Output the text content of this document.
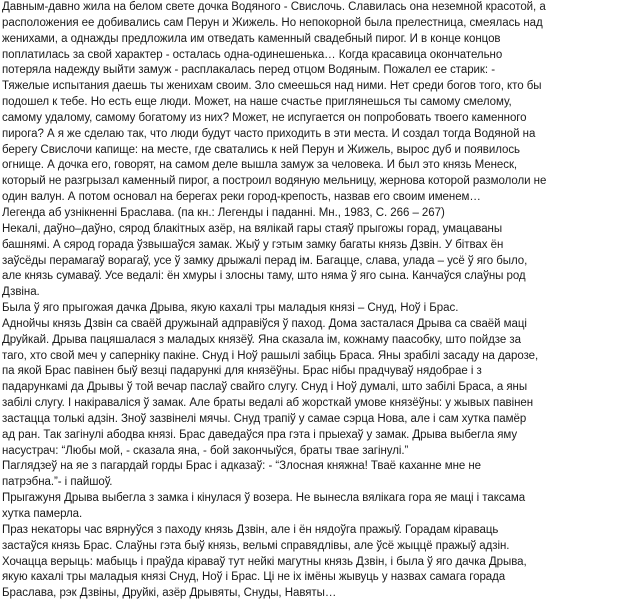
Давным-давно жила на белом свете дочка Водяного - Свислочь. Славилась она неземной красотой, а
расположения ее добивались сам Перун и Жижель. Но непокорной была прелестница, смеялась над
женихами, а однажды предложила им отведать каменный свадебный пирог. И в конце концов
поплатилась за свой характер - осталась одна-одинешенька… Когда красавица окончательно
потеряла надежду выйти замуж - расплакалась перед отцом Водяным. Пожалел ее старик: -
Тяжелые испытания даешь ты женихам своим. Зло смеешься над ними. Нет среди богов того, кто бы
подошел к тебе. Но есть еще люди. Может, на наше счастье приглянешься ты самому смелому,
самому удалому, самому богатому из них? Может, не испугается он попробовать твоего каменного
пирога? А я же сделаю так, что люди будут часто приходить в эти места. И создал тогда Водяной на
берегу Свислочи капище: на месте, где сватались к ней Перун и Жижель, вырос дуб и появилось
огнище. А дочка его, говорят, на самом деле вышла замуж за человека. И был это князь Менеск,
который не разгрызал каменный пирог, а построил водяную мельницу, жернова которой размололи не
один валун. А потом основал на берегах реки город-крепость, назвав его своим именем…
Легенда аб узнікненні Браслава. (па кн.: Легенды і паданні. Мн., 1983, С. 266 – 267)
Некалі, даўно–даўно, сярод блакітных азёр, на вялікай гары стаяў прыгожы горад, умацаваны
башнямі. А сярод горада ўзвышаўся замак. Жыў у гэтым замку багаты князь Дзвін. У бітвах ён
заўсёды перамагаў ворагаў, усе ў замку дрыжалі перад ім. Багацце, слава, улада – усё ў яго было,
але князь сумаваў. Усе ведалі: ён хмуры і злосны таму, што няма ў яго сына. Канчаўся слаўны род
Дзвіна.
Была ў яго прыгожая дачка Дрыва, якую кахалі тры маладыя князі – Снуд, Ноў і Брас.
Аднойчы князь Дзвін са сваёй дружынай адправіўся ў паход. Дома засталася Дрыва са сваёй маці
Друйкай. Дрыва пацяшалася з маладых князёў. Яна сказала ім, кожнаму паасобку, што пойдзе за
таго, хто свой меч у саперніку пакіне. Снуд і Ноў рашылі забіць Браса. Яны зрабілі засаду на дарозе,
па якой Брас павінен быў везці падарункі для князёўны. Брас нібы прадчуваў нядобрае і з
падарункамі да Дрывы ў той вечар паслаў свайго слугу. Снуд і Ноў думалі, што забілі Браса, а яны
забілі слугу. І накіраваліся ў замак. Але браты ведалі аб жорсткай умове князёўны: у жывых павінен
застацца толькі адзін. Зноў зазвінелі мячы. Снуд трапіў у самае сэрца Нова, але і сам хутка памёр
ад ран. Так загінулі абодва князі. Брас даведаўся пра гэта і прыехаў у замак. Дрыва выбегла яму
насустрач: “Любы мой, - сказала яна, - бой закончыўся, браты твае загінулі.”
Паглядзеў на яе з пагардай горды Брас і адказаў: - “Злосная княжна! Тваё каханне мне не
патрэбна.”- і пайшоў.
Прыгажуня Дрыва выбегла з замка і кінулася ў возера. Не вынесла вялікага гора яе маці і таксама
хутка памерла.
Праз некаторы час вярнуўся з паходу князь Дзвін, але і ён нядоўга пражыў. Горадам кіраваць
застаўся князь Брас. Слаўны гэта быў князь, вельмі справядлівы, але ўсё жыццё пражыў адзін.
Хочацца верыць: мабыць і праўда кіраваў тут нейкі магутны князь Дзвін, і была ў яго дачка Дрыва,
якую кахалі тры маладыя князі Снуд, Ноў і Брас. Ці не іх імёны жывуць у назвах самага горада
Браслава, рэк Дзвіны, Друйкі, азёр Дрывяты, Снуды, Навяты…
